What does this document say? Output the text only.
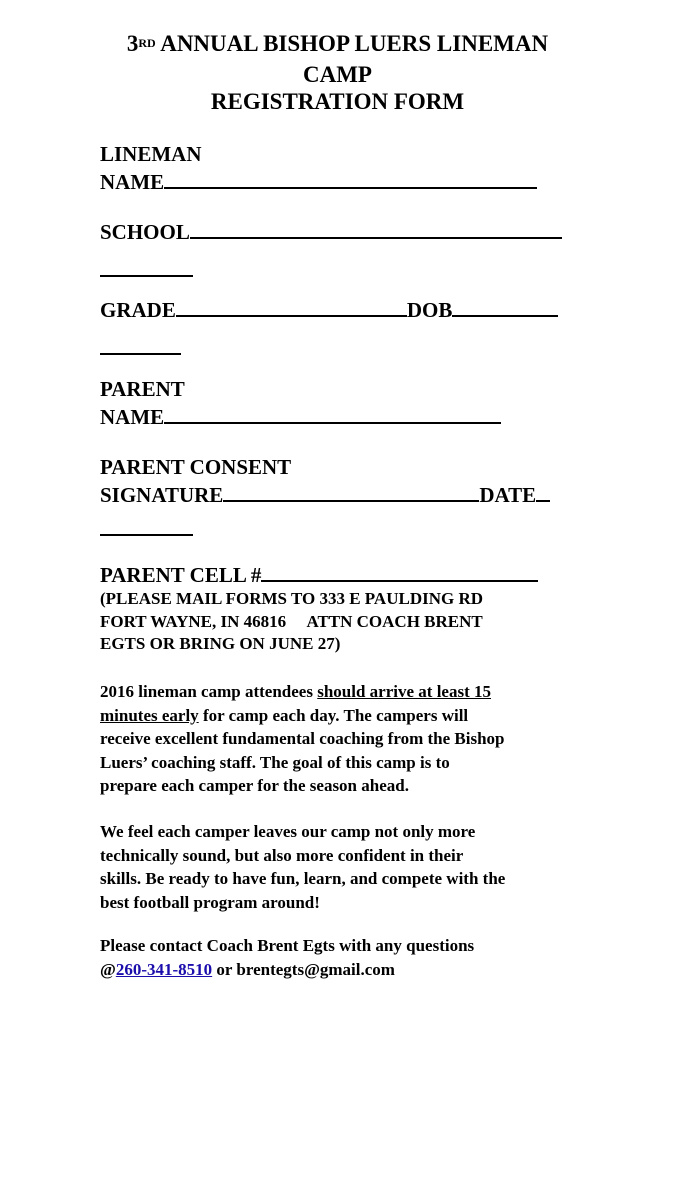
3RD ANNUAL BISHOP LUERS LINEMAN
CAMP
REGISTRATION FORM
LINEMAN
NAME
SCHOOL
GRADE	DOB
PARENT
NAME
PARENT CONSENT
SIGNATURE	DATE
PARENT CELL #
(PLEASE MAIL FORMS TO 333 E PAULDING RD
FORT WAYNE, IN 46816     ATTN COACH BRENT
EGTS OR BRING ON JUNE 27)
2016 lineman camp attendees should arrive at least 15
minutes early for camp each day. The campers will
receive excellent fundamental coaching from the Bishop
Luers’ coaching staff. The goal of this camp is to
prepare each camper for the season ahead.
We feel each camper leaves our camp not only more
technically sound, but also more confident in their
skills. Be ready to have fun, learn, and compete with the
best football program around!
Please contact Coach Brent Egts with any questions
@260-341-8510 or brentegts@gmail.com
